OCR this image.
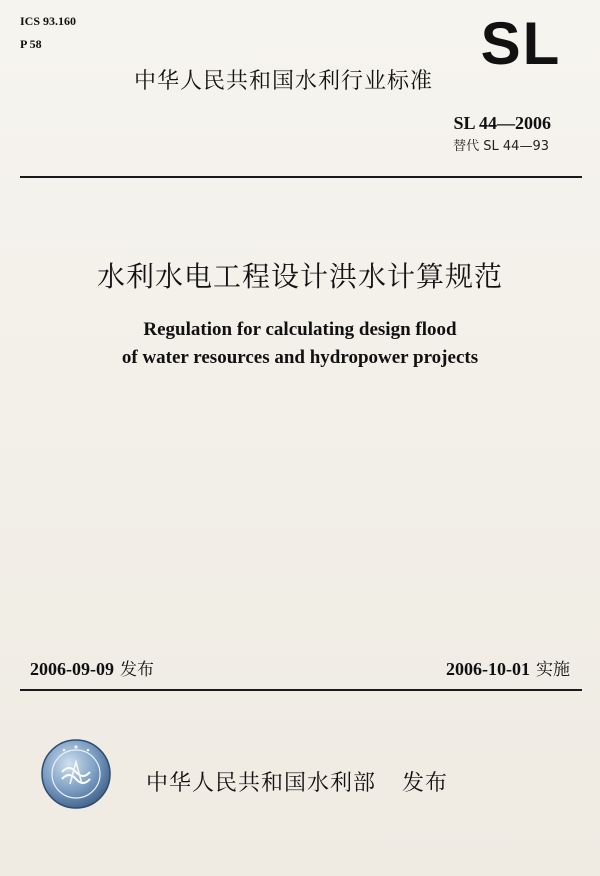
ICS 93.160
P 58	SL
中华人民共和国水利行业标准
SL 44—2006
替代 SL 44—93
水利水电工程设计洪水计算规范
Regulation for calculating design flood
of water resources and hydropower projects
2006-09-09 发布	2006-10-01 实施
中华人民共和国水利部 发布
